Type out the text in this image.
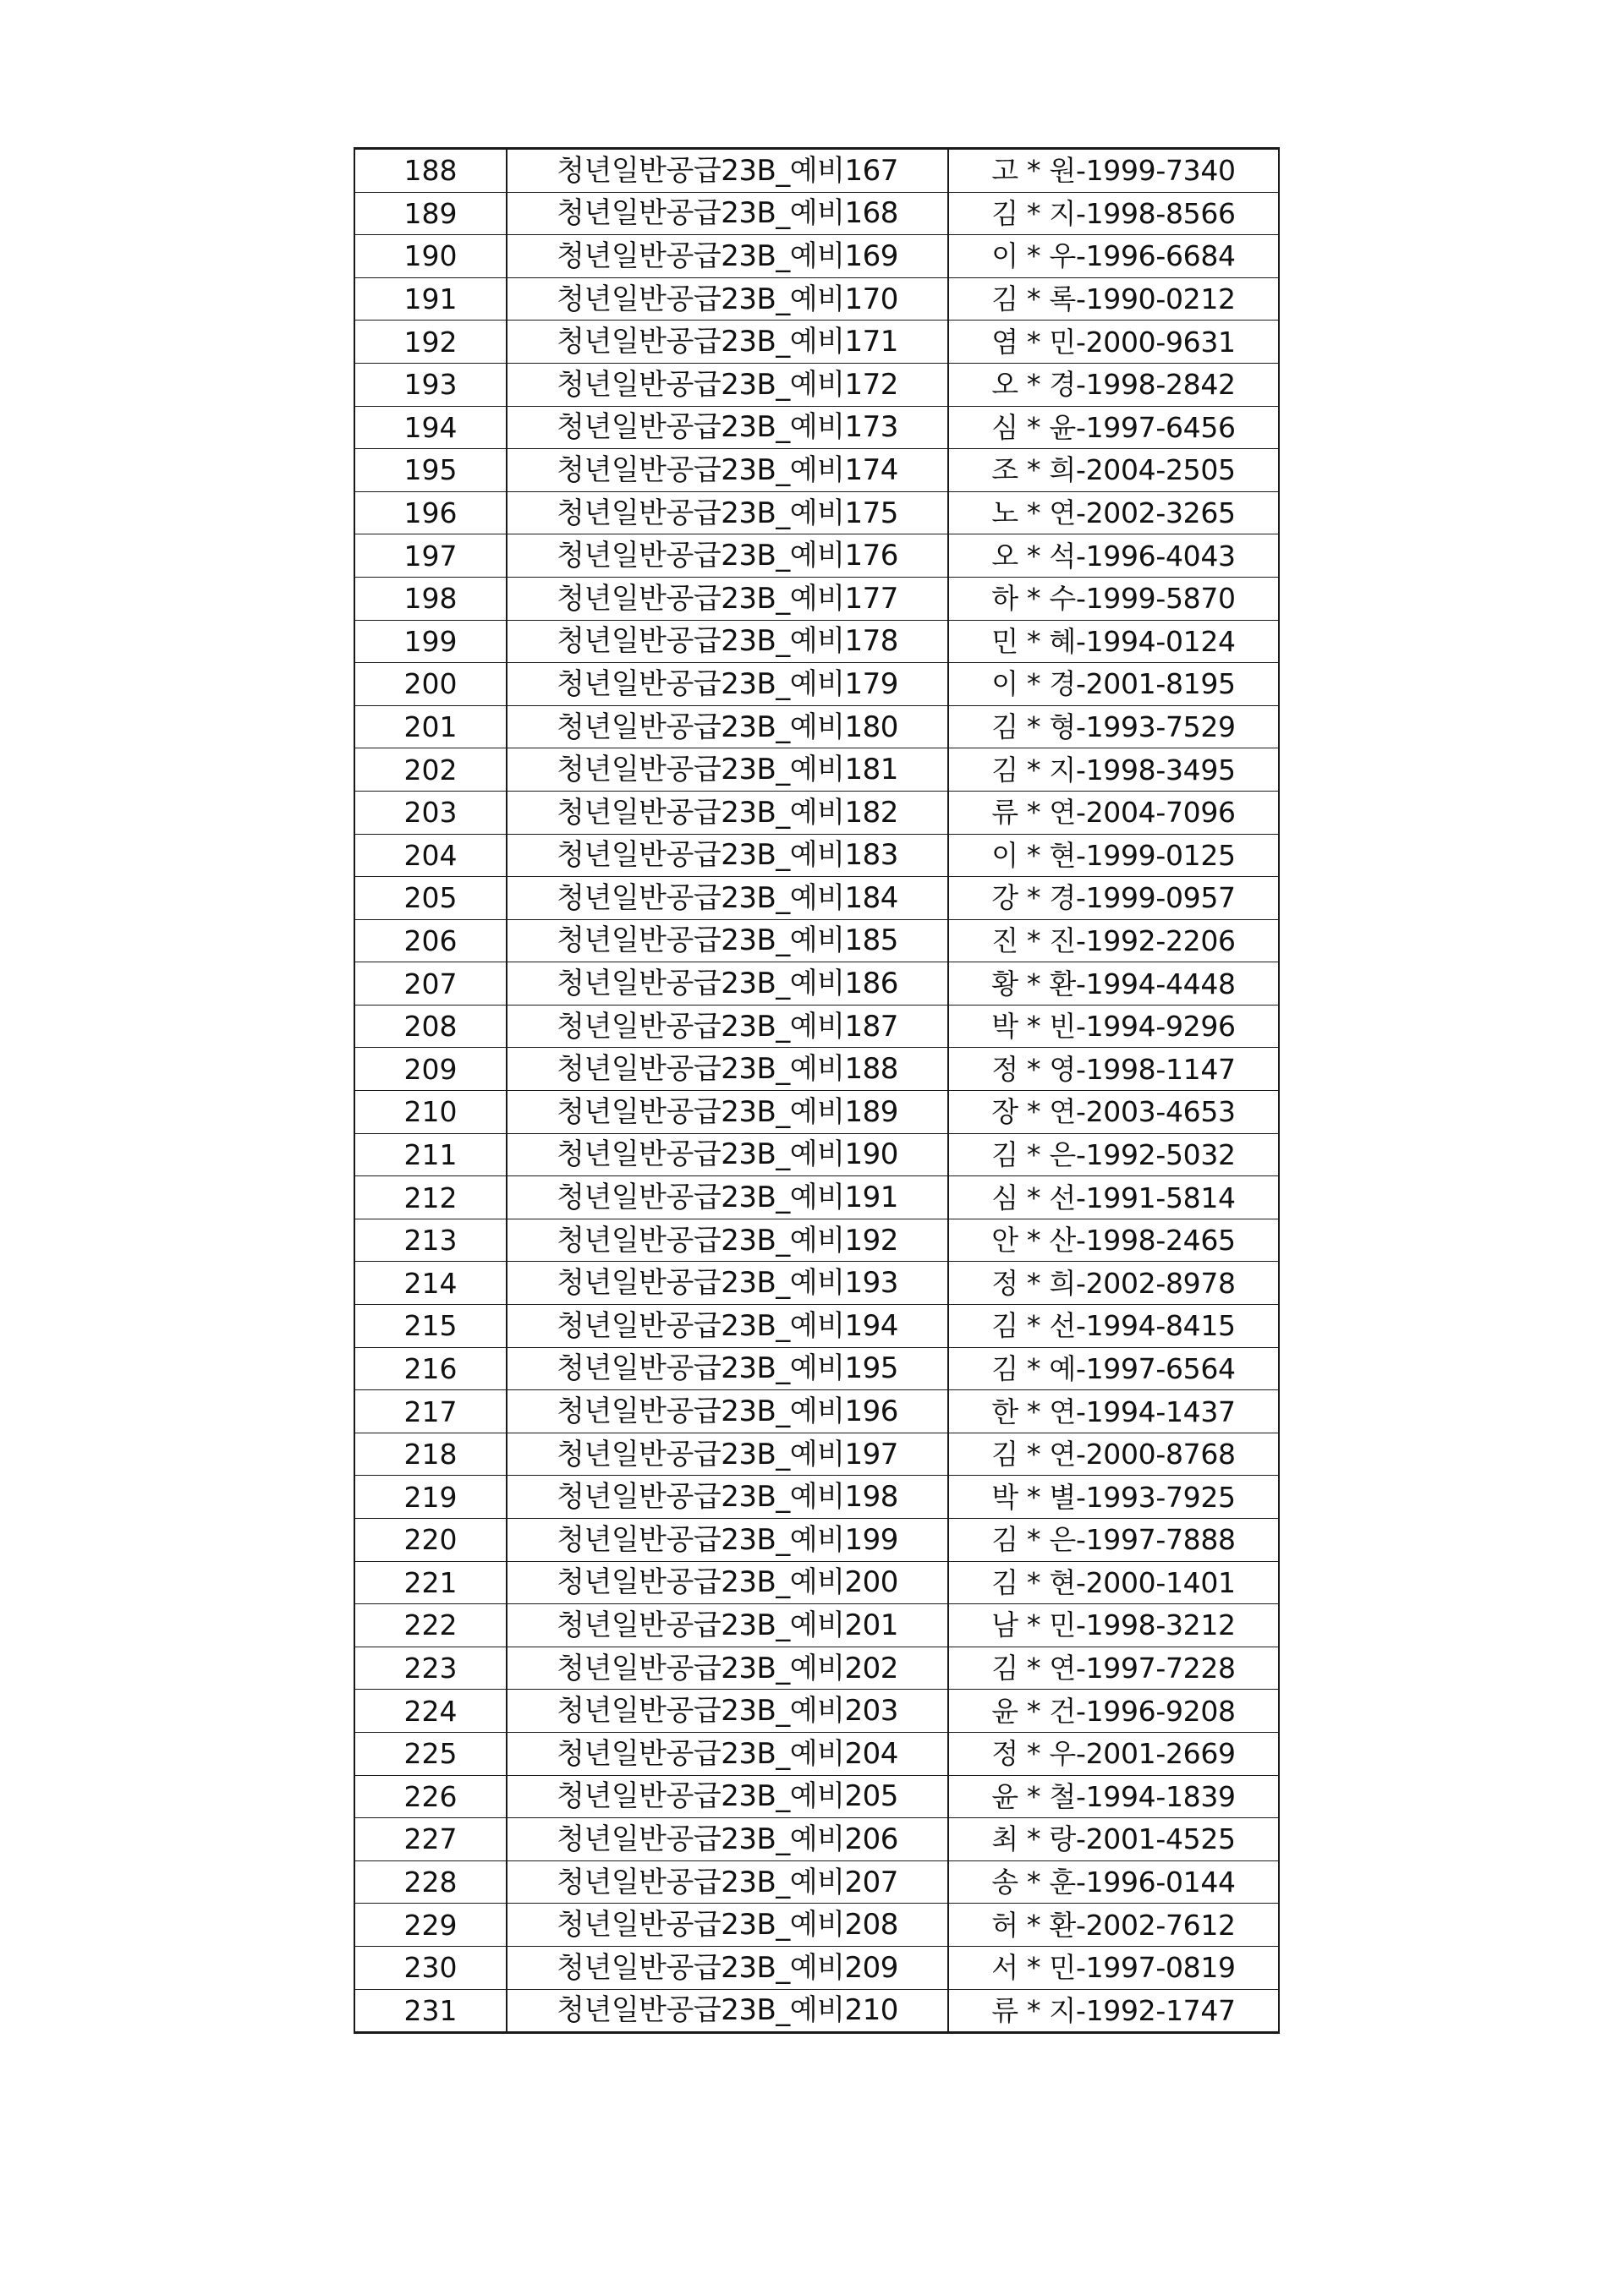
188	청년일반공급23B_예비167	고 * 원-1999-7340
189	청년일반공급23B_예비168	김 * 지-1998-8566
190	청년일반공급23B_예비169	이 * 우-1996-6684
191	청년일반공급23B_예비170	김 * 록-1990-0212
192	청년일반공급23B_예비171	염 * 민-2000-9631
193	청년일반공급23B_예비172	오 * 경-1998-2842
194	청년일반공급23B_예비173	심 * 윤-1997-6456
195	청년일반공급23B_예비174	조 * 희-2004-2505
196	청년일반공급23B_예비175	노 * 연-2002-3265
197	청년일반공급23B_예비176	오 * 석-1996-4043
198	청년일반공급23B_예비177	하 * 수-1999-5870
199	청년일반공급23B_예비178	민 * 혜-1994-0124
200	청년일반공급23B_예비179	이 * 경-2001-8195
201	청년일반공급23B_예비180	김 * 형-1993-7529
202	청년일반공급23B_예비181	김 * 지-1998-3495
203	청년일반공급23B_예비182	류 * 연-2004-7096
204	청년일반공급23B_예비183	이 * 현-1999-0125
205	청년일반공급23B_예비184	강 * 경-1999-0957
206	청년일반공급23B_예비185	진 * 진-1992-2206
207	청년일반공급23B_예비186	황 * 환-1994-4448
208	청년일반공급23B_예비187	박 * 빈-1994-9296
209	청년일반공급23B_예비188	정 * 영-1998-1147
210	청년일반공급23B_예비189	장 * 연-2003-4653
211	청년일반공급23B_예비190	김 * 은-1992-5032
212	청년일반공급23B_예비191	심 * 선-1991-5814
213	청년일반공급23B_예비192	안 * 산-1998-2465
214	청년일반공급23B_예비193	정 * 희-2002-8978
215	청년일반공급23B_예비194	김 * 선-1994-8415
216	청년일반공급23B_예비195	김 * 예-1997-6564
217	청년일반공급23B_예비196	한 * 연-1994-1437
218	청년일반공급23B_예비197	김 * 연-2000-8768
219	청년일반공급23B_예비198	박 * 별-1993-7925
220	청년일반공급23B_예비199	김 * 은-1997-7888
221	청년일반공급23B_예비200	김 * 현-2000-1401
222	청년일반공급23B_예비201	남 * 민-1998-3212
223	청년일반공급23B_예비202	김 * 연-1997-7228
224	청년일반공급23B_예비203	윤 * 건-1996-9208
225	청년일반공급23B_예비204	정 * 우-2001-2669
226	청년일반공급23B_예비205	윤 * 철-1994-1839
227	청년일반공급23B_예비206	최 * 랑-2001-4525
228	청년일반공급23B_예비207	송 * 훈-1996-0144
229	청년일반공급23B_예비208	허 * 환-2002-7612
230	청년일반공급23B_예비209	서 * 민-1997-0819
231	청년일반공급23B_예비210	류 * 지-1992-1747
